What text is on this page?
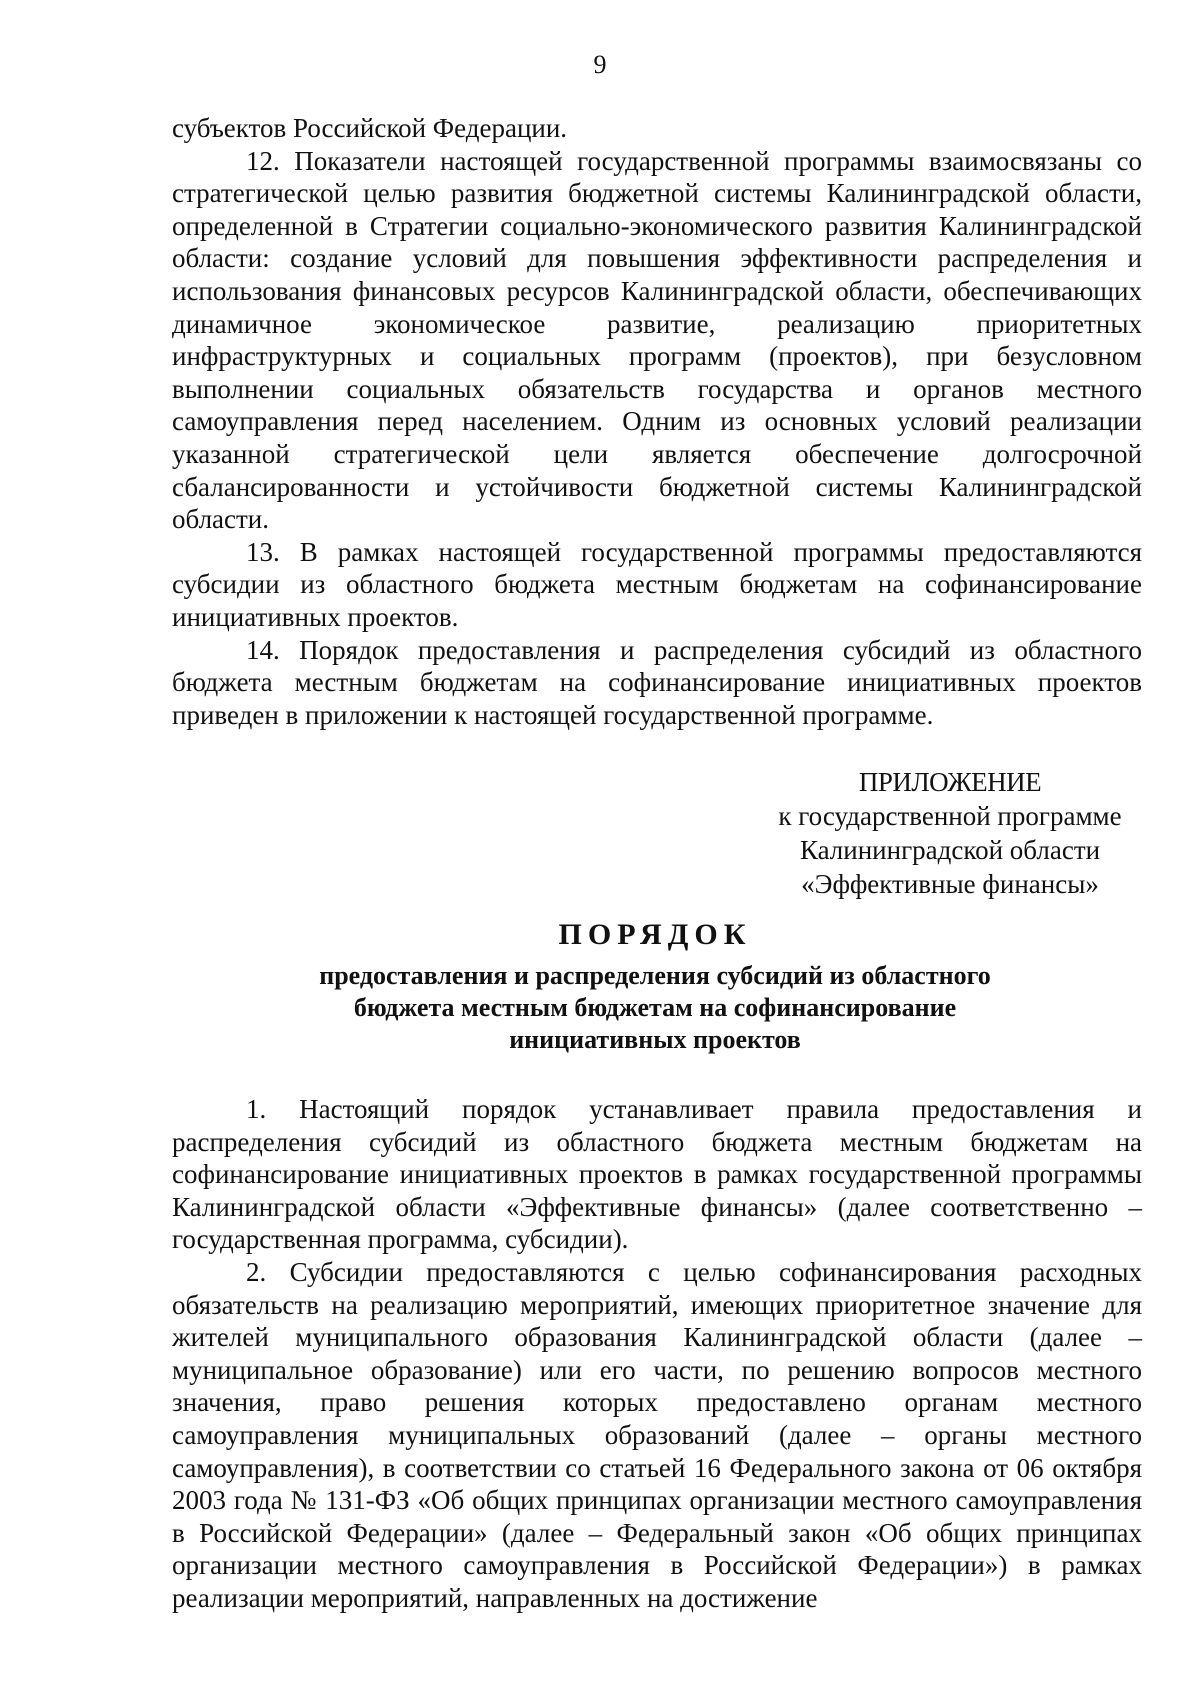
9

субъектов Российской Федерации.

12. Показатели настоящей государственной программы взаимосвязаны со стратегической целью развития бюджетной системы Калининградской области, определенной в Стратегии социально-экономического развития Калининградской области: создание условий для повышения эффективности распределения и использования финансовых ресурсов Калининградской области, обеспечивающих динамичное экономическое развитие, реализацию приоритетных инфраструктурных и социальных программ (проектов), при безусловном выполнении социальных обязательств государства и органов местного самоуправления перед населением. Одним из основных условий реализации указанной стратегической цели является обеспечение долгосрочной сбалансированности и устойчивости бюджетной системы Калининградской области.

13. В рамках настоящей государственной программы предоставляются субсидии из областного бюджета местным бюджетам на софинансирование инициативных проектов.

14. Порядок предоставления и распределения субсидий из областного бюджета местным бюджетам на софинансирование инициативных проектов приведен в приложении к настоящей государственной программе.

ПРИЛОЖЕНИЕ
к государственной программе
Калининградской области
«Эффективные финансы»
ПОРЯДОК
предоставления и распределения субсидий из областного
бюджета местным бюджетам на софинансирование
инициативных проектов

1. Настоящий порядок устанавливает правила предоставления и распределения субсидий из областного бюджета местным бюджетам на софинансирование инициативных проектов в рамках государственной программы Калининградской области «Эффективные финансы» (далее соответственно – государственная программа, субсидии).

2. Субсидии предоставляются с целью софинансирования расходных обязательств на реализацию мероприятий, имеющих приоритетное значение для жителей муниципального образования Калининградской области (далее – муниципальное образование) или его части, по решению вопросов местного значения, право решения которых предоставлено органам местного самоуправления муниципальных образований (далее – органы местного самоуправления), в соответствии со статьей 16 Федерального закона от 06 октября 2003 года № 131-ФЗ «Об общих принципах организации местного самоуправления в Российской Федерации» (далее – Федеральный закон «Об общих принципах организации местного самоуправления в Российской Федерации») в рамках реализации мероприятий, направленных на достижение
